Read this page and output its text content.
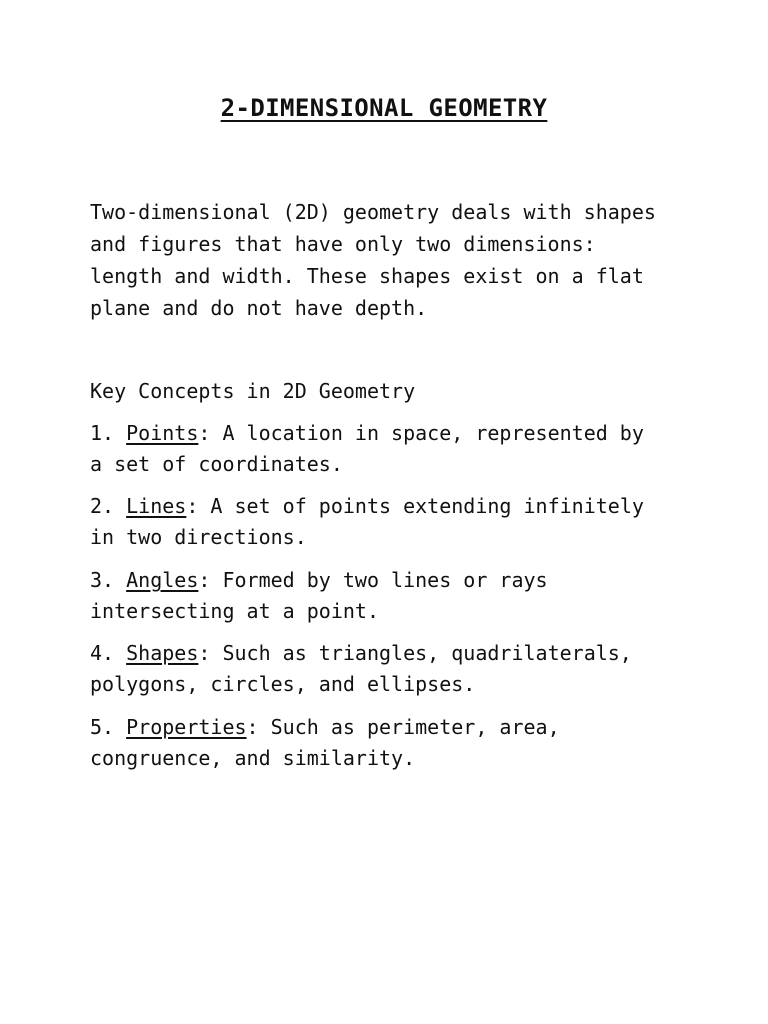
2-DIMENSIONAL GEOMETRY

Two-dimensional (2D) geometry deals with shapes
and figures that have only two dimensions:
length and width. These shapes exist on a flat
plane and do not have depth.

Key Concepts in 2D Geometry

1. Points: A location in space, represented by
a set of coordinates.

2. Lines: A set of points extending infinitely
in two directions.

3. Angles: Formed by two lines or rays
intersecting at a point.

4. Shapes: Such as triangles, quadrilaterals,
polygons, circles, and ellipses.

5. Properties: Such as perimeter, area,
congruence, and similarity.
